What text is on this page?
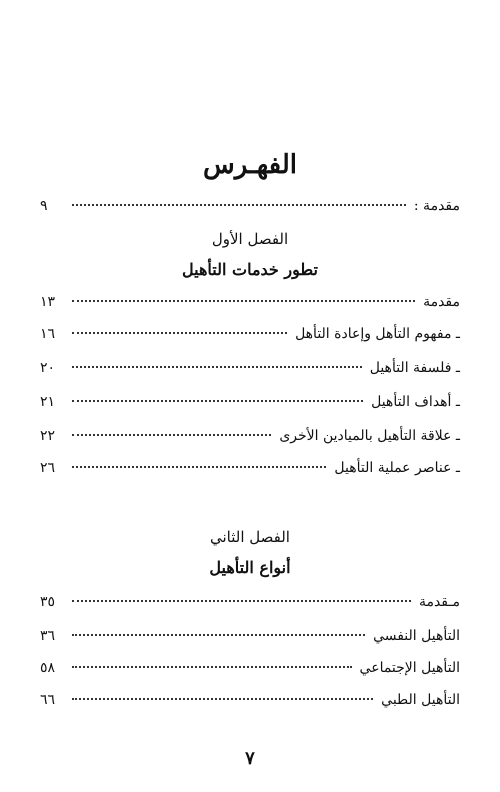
الفهـرس
مقدمة :
٩
الفصل الأول
تطور خدمات التأهيل
مقدمة
١٣
ـ مفهوم التأهل وإعادة التأهل
١٦
ـ فلسفة التأهيل
٢٠
ـ أهداف التأهيل
٢١
ـ علاقة التأهيل بالميادين الأخرى
٢٢
ـ عناصر عملية التأهيل
٢٦
الفصل الثاني
أنواع التأهيل
مـقدمة
٣٥
التأهيل النفسي
٣٦
التأهيل الإجتماعي
٥٨
التأهيل الطبي
٦٦
٧
